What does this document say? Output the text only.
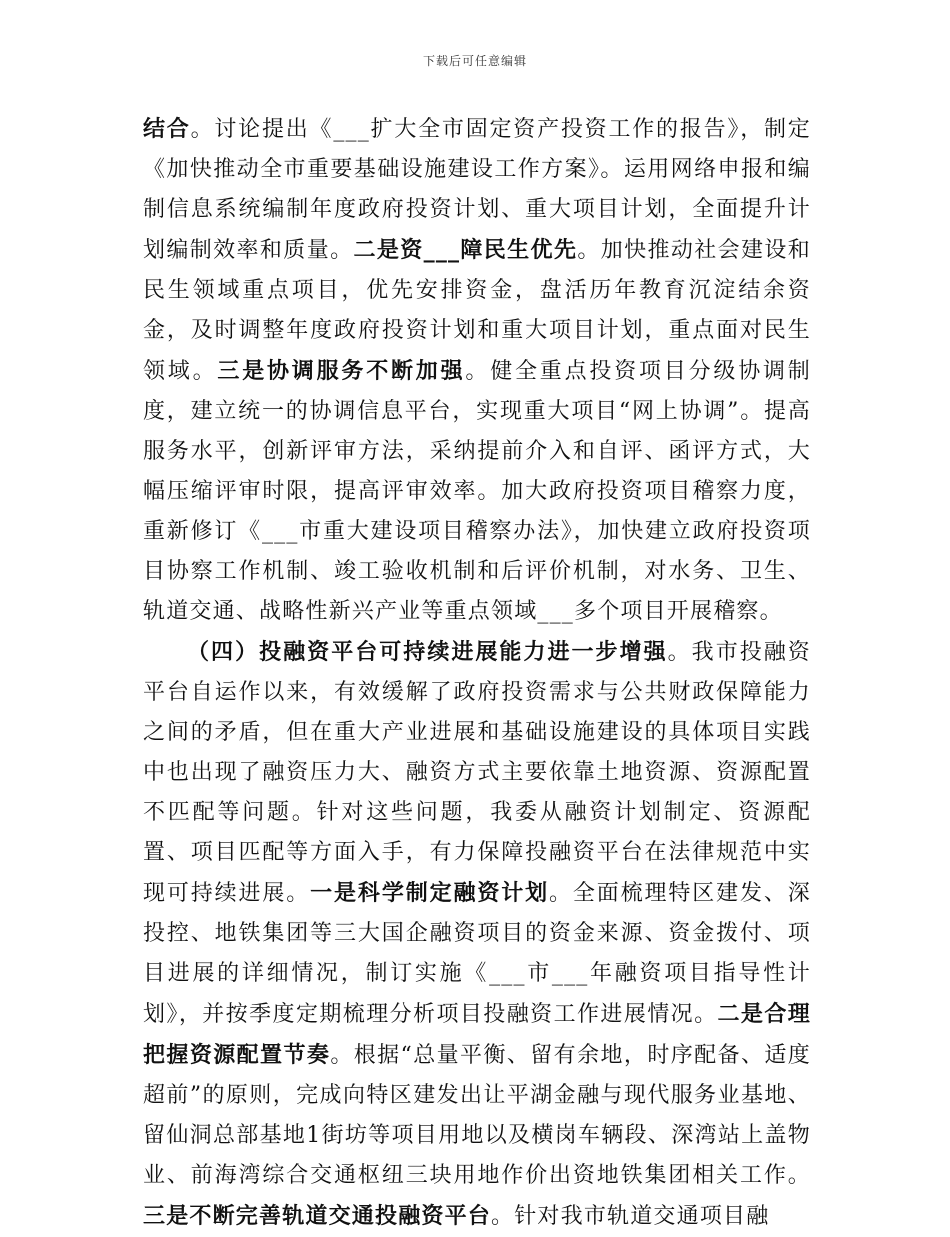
下载后可任意编辑

结合。讨论提出《___扩大全市固定资产投资工作的报告》，制定《加快推动全市重要基础设施建设工作方案》。运用网络申报和编制信息系统编制年度政府投资计划、重大项目计划，全面提升计划编制效率和质量。二是资___障民生优先。加快推动社会建设和民生领域重点项目，优先安排资金，盘活历年教育沉淀结余资金，及时调整年度政府投资计划和重大项目计划，重点面对民生领域。三是协调服务不断加强。健全重点投资项目分级协调制度，建立统一的协调信息平台，实现重大项目“网上协调”。提高服务水平，创新评审方法，采纳提前介入和自评、函评方式，大幅压缩评审时限，提高评审效率。加大政府投资项目稽察力度，重新修订《___市重大建设项目稽察办法》，加快建立政府投资项目协察工作机制、竣工验收机制和后评价机制，对水务、卫生、轨道交通、战略性新兴产业等重点领域___多个项目开展稽察。

（四）投融资平台可持续进展能力进一步增强。我市投融资平台自运作以来，有效缓解了政府投资需求与公共财政保障能力之间的矛盾，但在重大产业进展和基础设施建设的具体项目实践中也出现了融资压力大、融资方式主要依靠土地资源、资源配置不匹配等问题。针对这些问题，我委从融资计划制定、资源配置、项目匹配等方面入手，有力保障投融资平台在法律规范中实现可持续进展。一是科学制定融资计划。全面梳理特区建发、深投控、地铁集团等三大国企融资项目的资金来源、资金拨付、项目进展的详细情况，制订实施《___市___年融资项目指导性计划》，并按季度定期梳理分析项目投融资工作进展情况。二是合理把握资源配置节奏。根据“总量平衡、留有余地，时序配备、适度超前”的原则，完成向特区建发出让平湖金融与现代服务业基地、留仙洞总部基地1街坊等项目用地以及横岗车辆段、深湾站上盖物业、前海湾综合交通枢纽三块用地作价出资地铁集团相关工作。三是不断完善轨道交通投融资平台。针对我市轨道交通项目融
